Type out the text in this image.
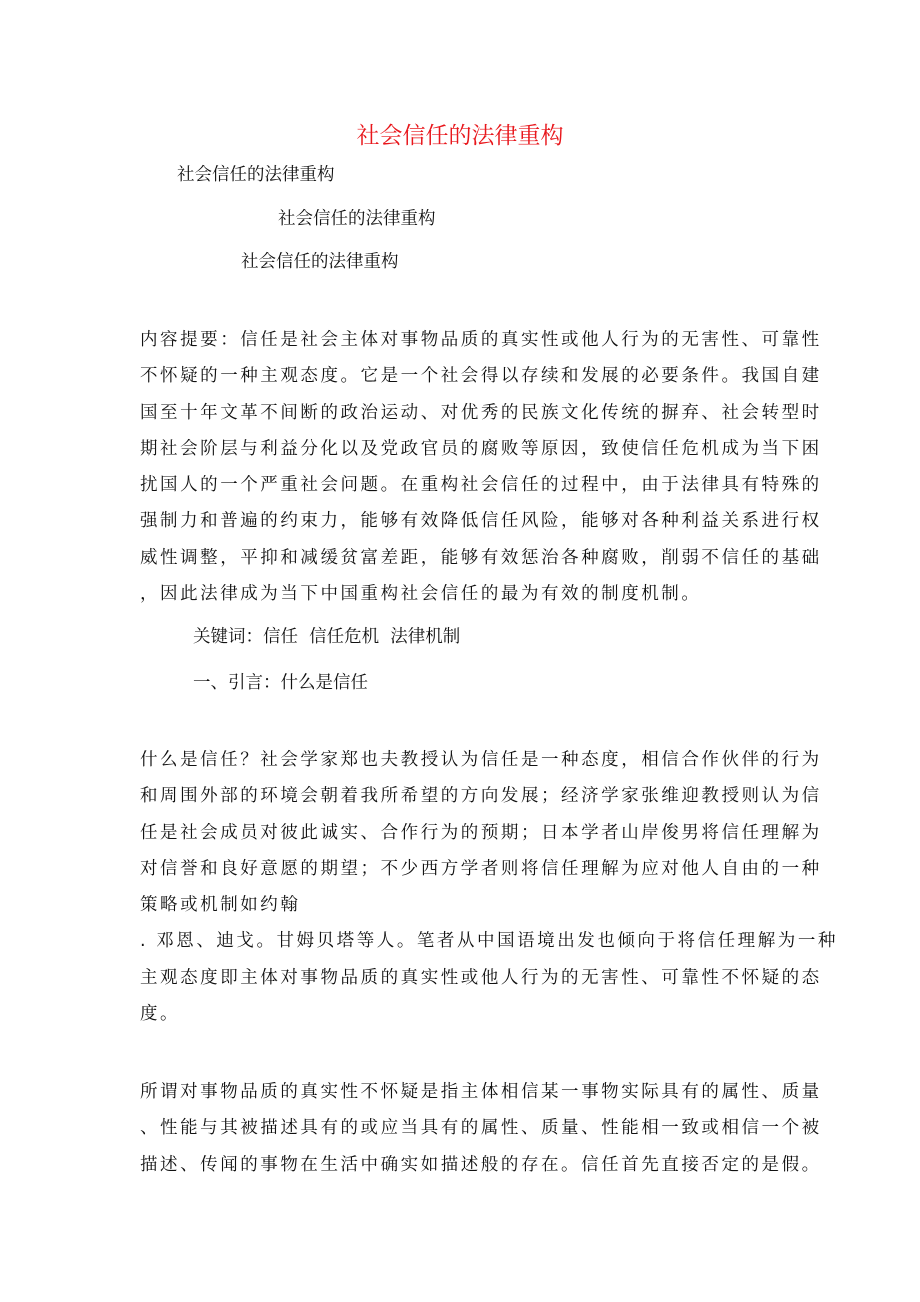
社会信任的法律重构
社会信任的法律重构
社会信任的法律重构
社会信任的法律重构
内容提要：信任是社会主体对事物品质的真实性或他人行为的无害性、可靠性
不怀疑的一种主观态度。它是一个社会得以存续和发展的必要条件。我国自建
国至十年文革不间断的政治运动、对优秀的民族文化传统的摒弃、社会转型时
期社会阶层与利益分化以及党政官员的腐败等原因，致使信任危机成为当下困
扰国人的一个严重社会问题。在重构社会信任的过程中，由于法律具有特殊的
强制力和普遍的约束力，能够有效降低信任风险，能够对各种利益关系进行权
威性调整，平抑和减缓贫富差距，能够有效惩治各种腐败，削弱不信任的基础
，因此法律成为当下中国重构社会信任的最为有效的制度机制。
关键词：信任  信任危机  法律机制
一、引言：什么是信任
什么是信任？社会学家郑也夫教授认为信任是一种态度，相信合作伙伴的行为
和周围外部的环境会朝着我所希望的方向发展；经济学家张维迎教授则认为信
任是社会成员对彼此诚实、合作行为的预期；日本学者山岸俊男将信任理解为
对信誉和良好意愿的期望；不少西方学者则将信任理解为应对他人自由的一种
策略或机制如约翰
. 邓恩、迪戈。甘姆贝塔等人。笔者从中国语境出发也倾向于将信任理解为一种
主观态度即主体对事物品质的真实性或他人行为的无害性、可靠性不怀疑的态
度。
所谓对事物品质的真实性不怀疑是指主体相信某一事物实际具有的属性、质量
、性能与其被描述具有的或应当具有的属性、质量、性能相一致或相信一个被
描述、传闻的事物在生活中确实如描述般的存在。信任首先直接否定的是假。
